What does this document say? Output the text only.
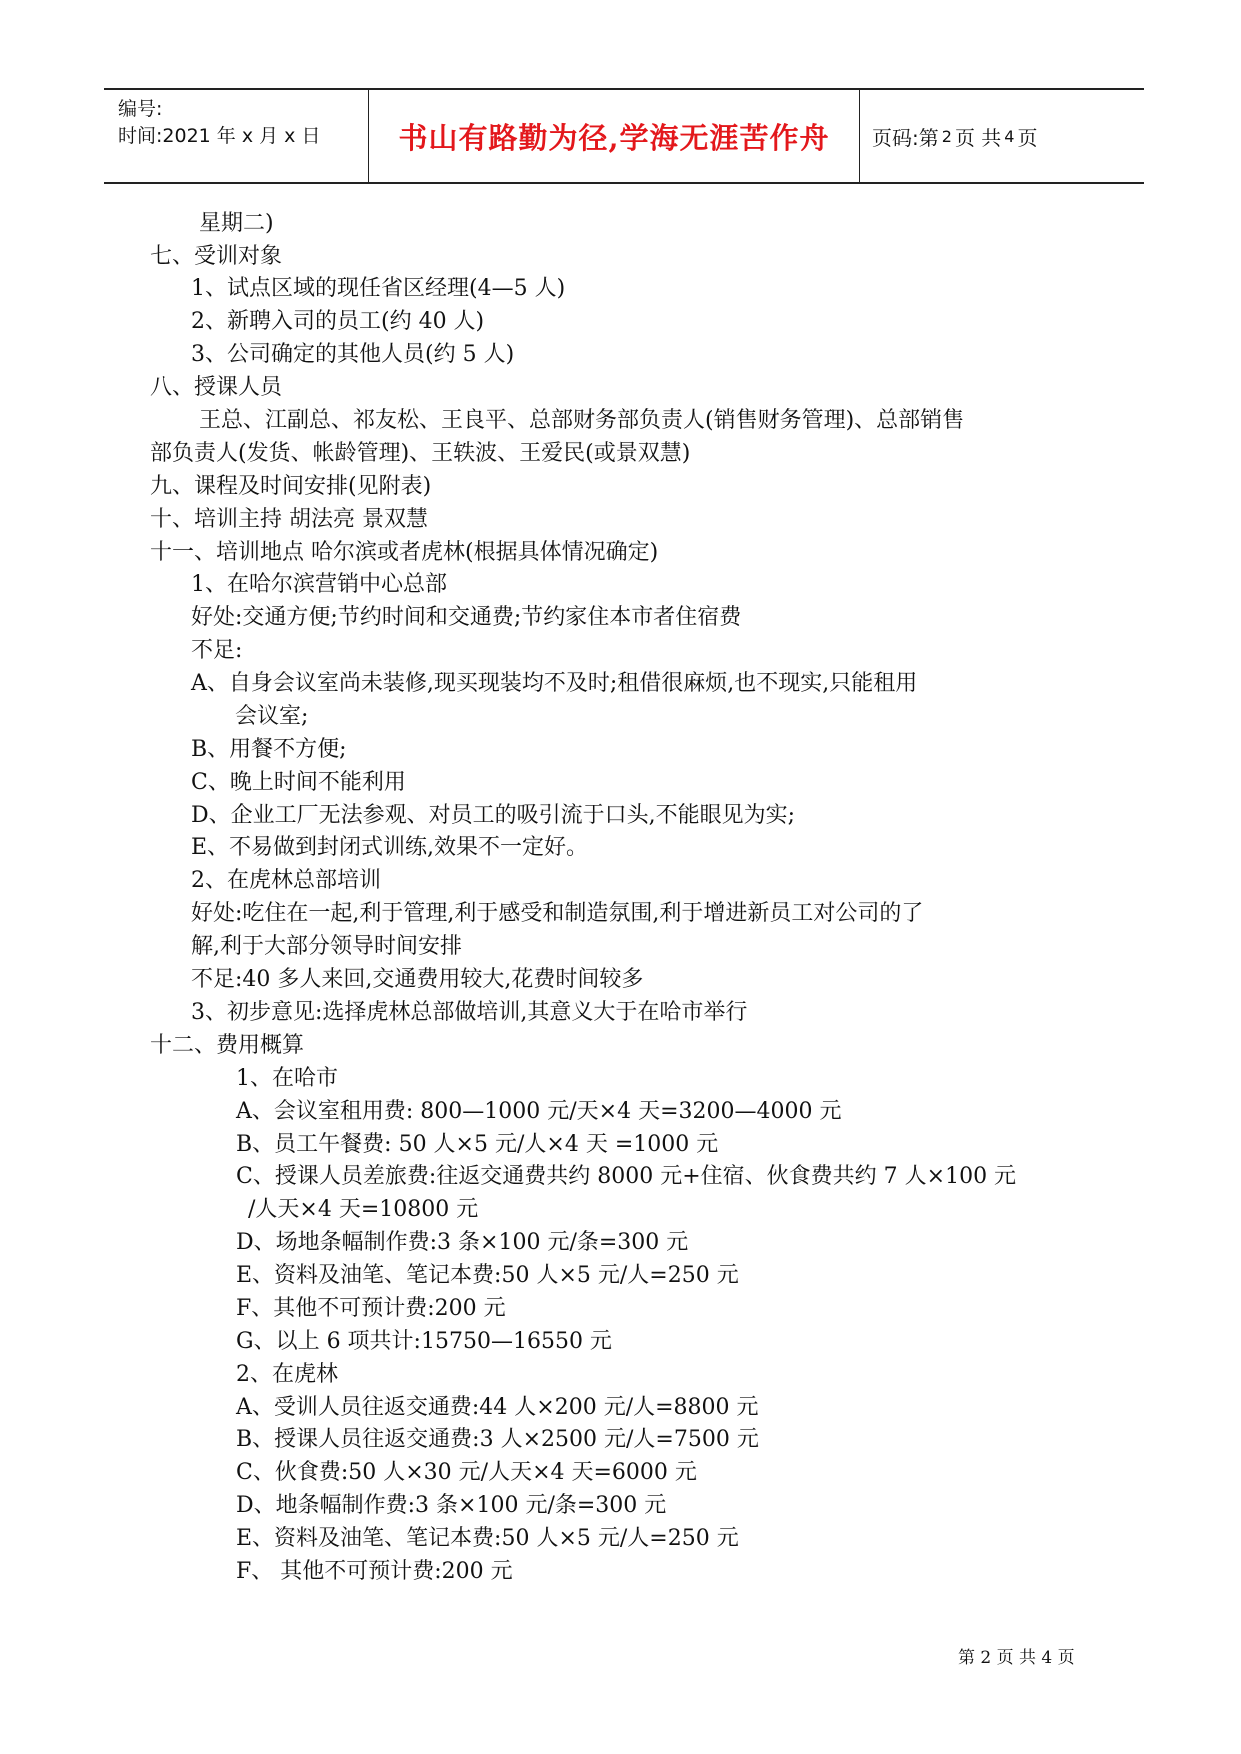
编号:
时间:2021 年 x 月 x 日	书山有路勤为径,学海无涯苦作舟	页码:第 2 页 共 4 页
星期二)
七、受训对象
1、试点区域的现任省区经理(4—5 人)
2、新聘入司的员工(约 40 人)
3、公司确定的其他人员(约 5 人)
八、授课人员
王总、江副总、祁友松、王良平、总部财务部负责人(销售财务管理)、总部销售
部负责人(发货、帐龄管理)、王轶波、王爱民(或景双慧)
九、课程及时间安排(见附表)
十、培训主持 胡法亮 景双慧
十一、培训地点 哈尔滨或者虎林(根据具体情况确定)
1、在哈尔滨营销中心总部
好处:交通方便;节约时间和交通费;节约家住本市者住宿费
不足:
A、自身会议室尚未装修,现买现装均不及时;租借很麻烦,也不现实,只能租用
会议室;
B、用餐不方便;
C、晚上时间不能利用
D、企业工厂无法参观、对员工的吸引流于口头,不能眼见为实;
E、不易做到封闭式训练,效果不一定好。
2、在虎林总部培训
好处:吃住在一起,利于管理,利于感受和制造氛围,利于增进新员工对公司的了
解,利于大部分领导时间安排
不足:40 多人来回,交通费用较大,花费时间较多
3、初步意见:选择虎林总部做培训,其意义大于在哈市举行
十二、费用概算
1、在哈市
A、会议室租用费: 800—1000 元/天×4 天=3200—4000 元
B、员工午餐费: 50 人×5 元/人×4 天 =1000 元
C、授课人员差旅费:往返交通费共约 8000 元+住宿、伙食费共约 7 人×100 元
/人天×4 天=10800 元
D、场地条幅制作费:3 条×100 元/条=300 元
E、资料及油笔、笔记本费:50 人×5 元/人=250 元
F、其他不可预计费:200 元
G、以上 6 项共计:15750—16550 元
2、在虎林
A、受训人员往返交通费:44 人×200 元/人=8800 元
B、授课人员往返交通费:3 人×2500 元/人=7500 元
C、伙食费:50 人×30 元/人天×4 天=6000 元
D、地条幅制作费:3 条×100 元/条=300 元
E、资料及油笔、笔记本费:50 人×5 元/人=250 元
F、 其他不可预计费:200 元
第 2 页 共 4 页
